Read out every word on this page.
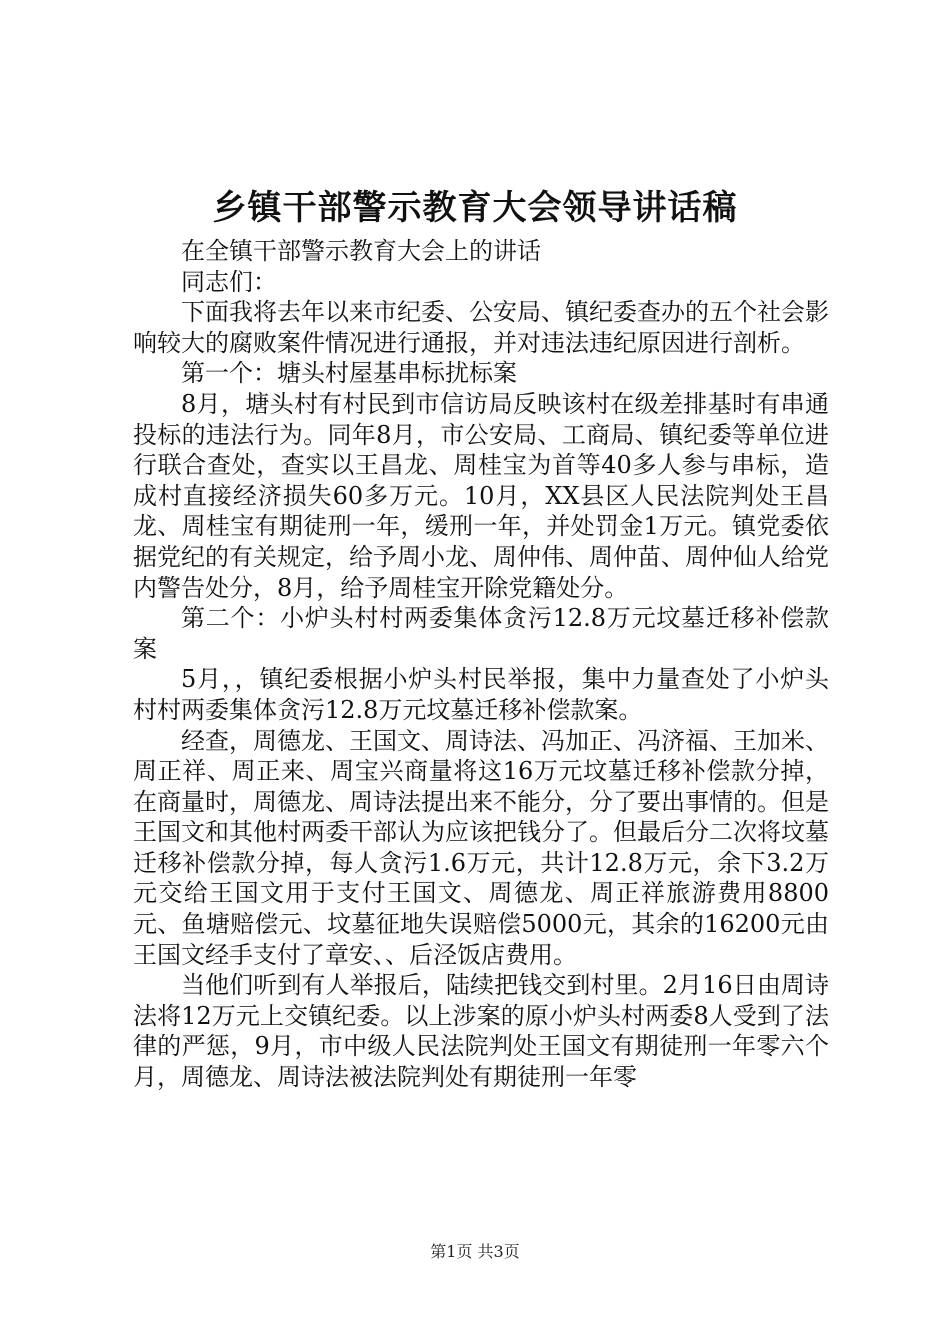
乡镇干部警示教育大会领导讲话稿

在全镇干部警示教育大会上的讲话

同志们：

下面我将去年以来市纪委、公安局、镇纪委查办的五个社会影响较大的腐败案件情况进行通报，并对违法违纪原因进行剖析。

第一个：塘头村屋基串标扰标案

8月，塘头村有村民到市信访局反映该村在级差排基时有串通投标的违法行为。同年8月，市公安局、工商局、镇纪委等单位进行联合查处，查实以王昌龙、周桂宝为首等40多人参与串标，造成村直接经济损失60多万元。10月，XX县区人民法院判处王昌龙、周桂宝有期徒刑一年，缓刑一年，并处罚金1万元。镇党委依据党纪的有关规定，给予周小龙、周仲伟、周仲苗、周仲仙人给党内警告处分，8月，给予周桂宝开除党籍处分。

第二个：小炉头村村两委集体贪污12.8万元坟墓迁移补偿款案

5月，，镇纪委根据小炉头村民举报，集中力量查处了小炉头村村两委集体贪污12.8万元坟墓迁移补偿款案。

经查，周德龙、王国文、周诗法、冯加正、冯济福、王加米、周正祥、周正来、周宝兴商量将这16万元坟墓迁移补偿款分掉，在商量时，周德龙、周诗法提出来不能分，分了要出事情的。但是王国文和其他村两委干部认为应该把钱分了。但最后分二次将坟墓迁移补偿款分掉，每人贪污1.6万元，共计12.8万元，余下3.2万元交给王国文用于支付王国文、周德龙、周正祥旅游费用8800元、鱼塘赔偿元、坟墓征地失误赔偿5000元，其余的16200元由王国文经手支付了章安、、后泾饭店费用。

当他们听到有人举报后，陆续把钱交到村里。2月16日由周诗法将12万元上交镇纪委。以上涉案的原小炉头村两委8人受到了法律的严惩，9月，市中级人民法院判处王国文有期徒刑一年零六个月，周德龙、周诗法被法院判处有期徒刑一年零

第1页 共3页
